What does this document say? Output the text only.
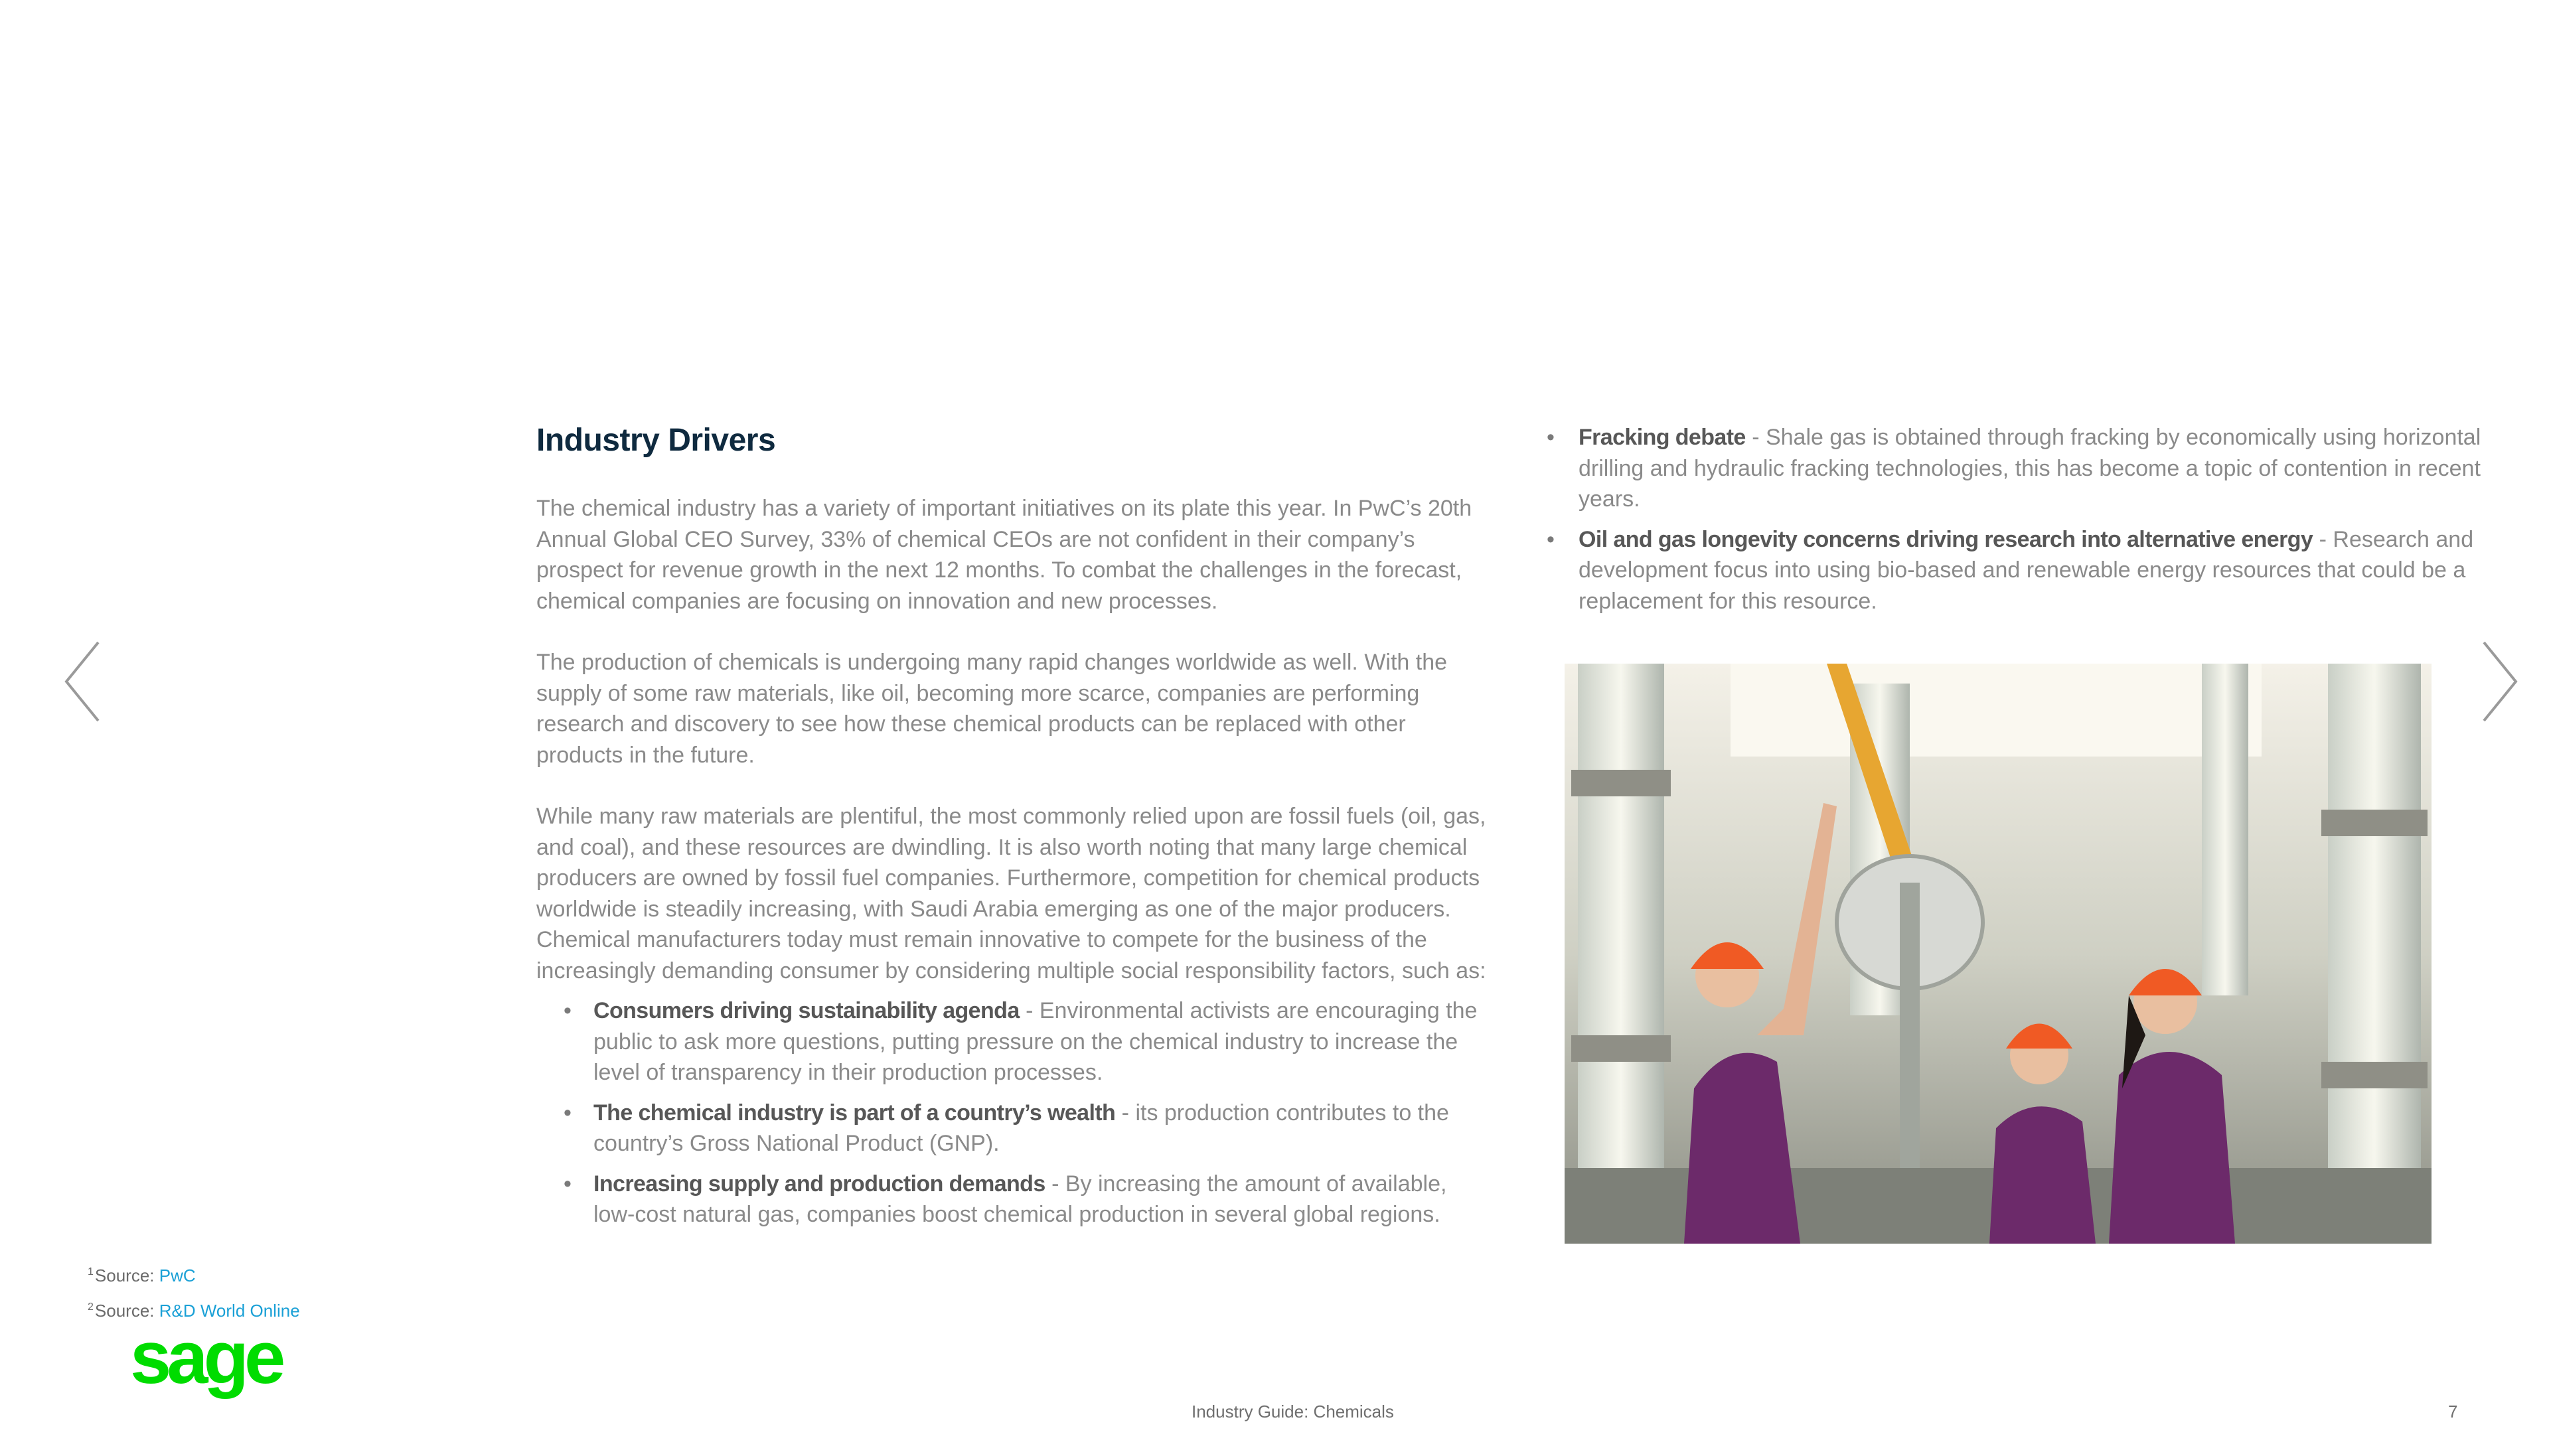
Industry Drivers

The chemical industry has a variety of important initiatives on its plate this year. In PwC’s 20th Annual Global CEO Survey, 33% of chemical CEOs are not confident in their company’s prospect for revenue growth in the next 12 months. To combat the challenges in the forecast, chemical companies are focusing on innovation and new processes.

The production of chemicals is undergoing many rapid changes worldwide as well. With the supply of some raw materials, like oil, becoming more scarce, companies are performing research and discovery to see how these chemical products can be replaced with other products in the future.

While many raw materials are plentiful, the most commonly relied upon are fossil fuels (oil, gas, and coal), and these resources are dwindling. It is also worth noting that many large chemical producers are owned by fossil fuel companies. Furthermore, competition for chemical products worldwide is steadily increasing, with Saudi Arabia emerging as one of the major producers. Chemical manufacturers today must remain innovative to compete for the business of the increasingly demanding consumer by considering multiple social responsibility factors, such as:

• Consumers driving sustainability agenda - Environmental activists are encouraging the public to ask more questions, putting pressure on the chemical industry to increase the level of transparency in their production processes.
• The chemical industry is part of a country’s wealth - its production contributes to the country’s Gross National Product (GNP).
• Increasing supply and production demands - By increasing the amount of available, low-cost natural gas, companies boost chemical production in several global regions.
• Fracking debate - Shale gas is obtained through fracking by economically using horizontal drilling and hydraulic fracking technologies, this has become a topic of contention in recent years.
• Oil and gas longevity concerns driving research into alternative energy - Research and development focus into using bio-based and renewable energy resources that could be a replacement for this resource.
$^1$Source: PwC
$^2$Source: R&D World Online
sage
Industry Guide: Chemicals	7
